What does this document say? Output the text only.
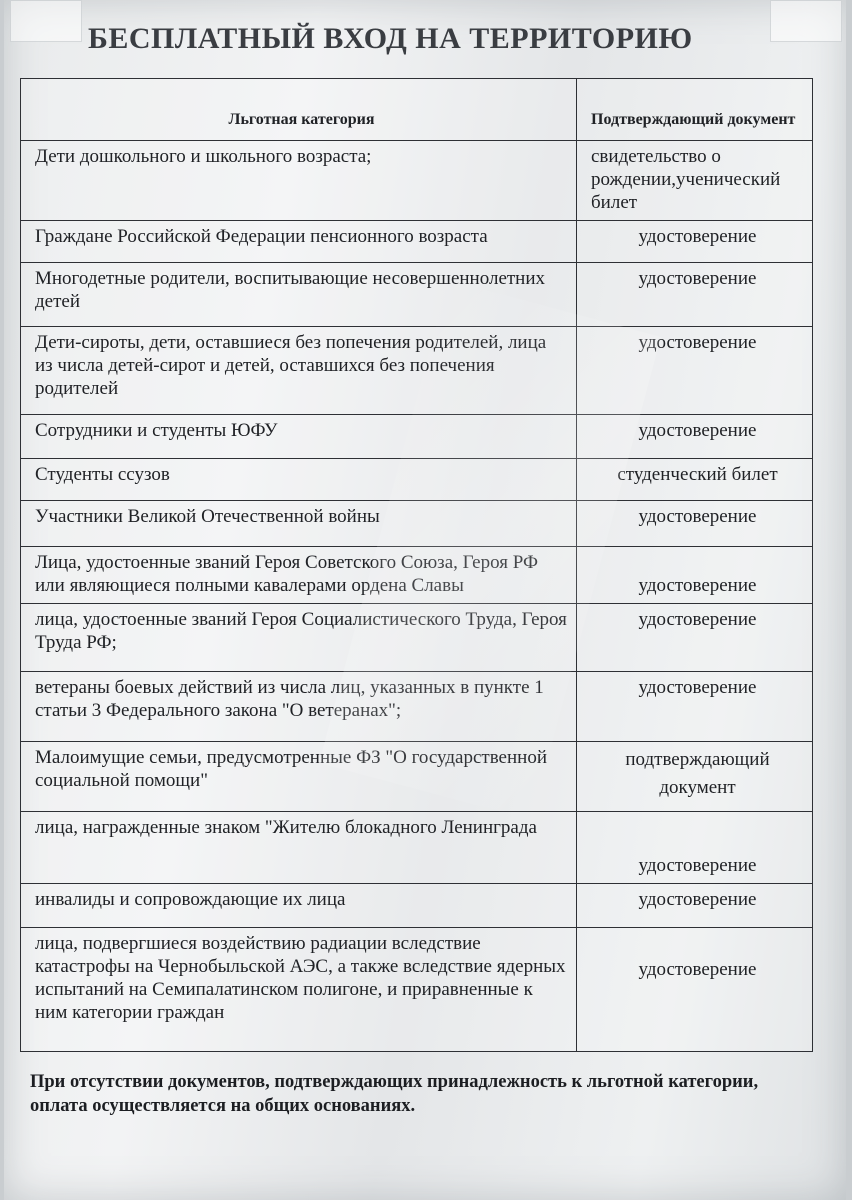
БЕСПЛАТНЫЙ ВХОД НА ТЕРРИТОРИЮ
Льготная категория	Подтверждающий документ
Дети дошкольного и школьного возраста;	свидетельство о рождении,ученический билет
Граждане Российской Федерации пенсионного возраста	удостоверение
Многодетные родители, воспитывающие несовершеннолетних детей	удостоверение
Дети-сироты, дети, оставшиеся без попечения родителей, лица из числа детей-сирот и детей, оставшихся без попечения родителей	удостоверение
Сотрудники и студенты ЮФУ	удостоверение
Студенты ссузов	студенческий билет
Участники Великой Отечественной войны	удостоверение
Лица, удостоенные званий Героя Советского Союза, Героя РФ или являющиеся полными кавалерами ордена Славы	удостоверение
лица, удостоенные званий Героя Социалистического Труда, Героя Труда РФ;	удостоверение
ветераны боевых действий из числа лиц, указанных в пункте 1 статьи 3 Федерального закона "О ветеранах";	удостоверение
Малоимущие семьи, предусмотренные ФЗ "О государственной социальной помощи"	подтверждающий документ
лица, награжденные знаком "Жителю блокадного Ленинграда	удостоверение
инвалиды и сопровождающие их лица	удостоверение
лица, подвергшиеся воздействию радиации вследствие катастрофы на Чернобыльской АЭС, а также вследствие ядерных испытаний на Семипалатинском полигоне, и приравненные к ним категории граждан	удостоверение
При отсутствии документов, подтверждающих принадлежность к льготной категории, оплата осуществляется на общих основаниях.
